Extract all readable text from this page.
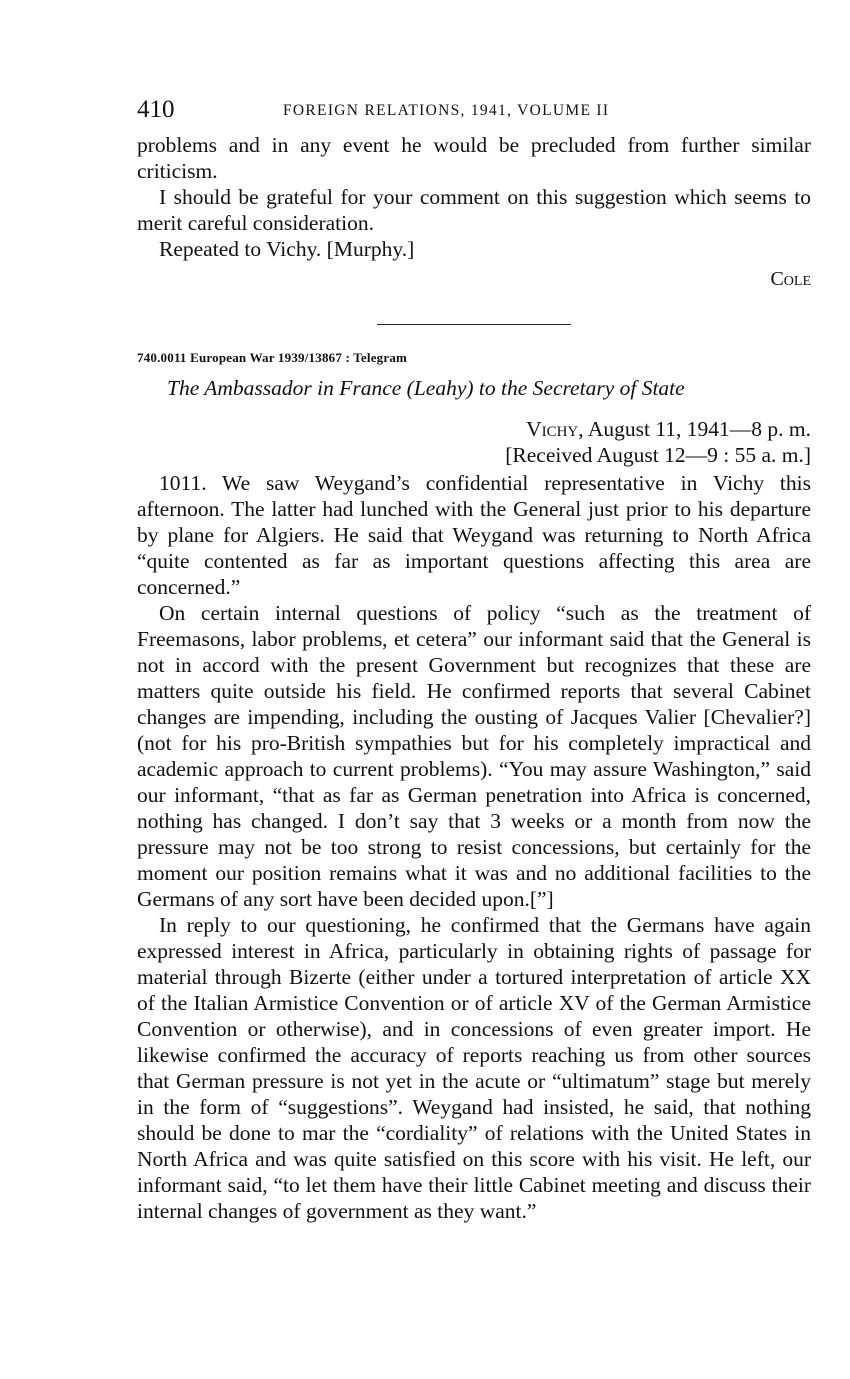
410	FOREIGN RELATIONS, 1941, VOLUME II

problems and in any event he would be precluded from further similar criticism.

I should be grateful for your comment on this suggestion which seems to merit careful consideration.

Repeated to Vichy. [Murphy.]

Cole
740.0011 European War 1939/13867 : Telegram
The Ambassador in France (Leahy) to the Secretary of State
Vichy, August 11, 1941—8 p. m.
[Received August 12—9 : 55 a. m.]

1011. We saw Weygand’s confidential representative in Vichy this afternoon. The latter had lunched with the General just prior to his departure by plane for Algiers. He said that Weygand was returning to North Africa “quite contented as far as important questions affecting this area are concerned.”

On certain internal questions of policy “such as the treatment of Freemasons, labor problems, et cetera” our informant said that the General is not in accord with the present Government but recognizes that these are matters quite outside his field. He confirmed reports that several Cabinet changes are impending, including the ousting of Jacques Valier [Chevalier?] (not for his pro-British sympathies but for his completely impractical and academic approach to current problems). “You may assure Washington,” said our informant, “that as far as German penetration into Africa is concerned, nothing has changed. I don’t say that 3 weeks or a month from now the pressure may not be too strong to resist concessions, but certainly for the moment our position remains what it was and no additional facilities to the Germans of any sort have been decided upon.[”]

In reply to our questioning, he confirmed that the Germans have again expressed interest in Africa, particularly in obtaining rights of passage for material through Bizerte (either under a tortured interpretation of article XX of the Italian Armistice Convention or of article XV of the German Armistice Convention or otherwise), and in concessions of even greater import. He likewise confirmed the accuracy of reports reaching us from other sources that German pressure is not yet in the acute or “ultimatum” stage but merely in the form of “suggestions”. Weygand had insisted, he said, that nothing should be done to mar the “cordiality” of relations with the United States in North Africa and was quite satisfied on this score with his visit. He left, our informant said, “to let them have their little Cabinet meeting and discuss their internal changes of government as they want.”
